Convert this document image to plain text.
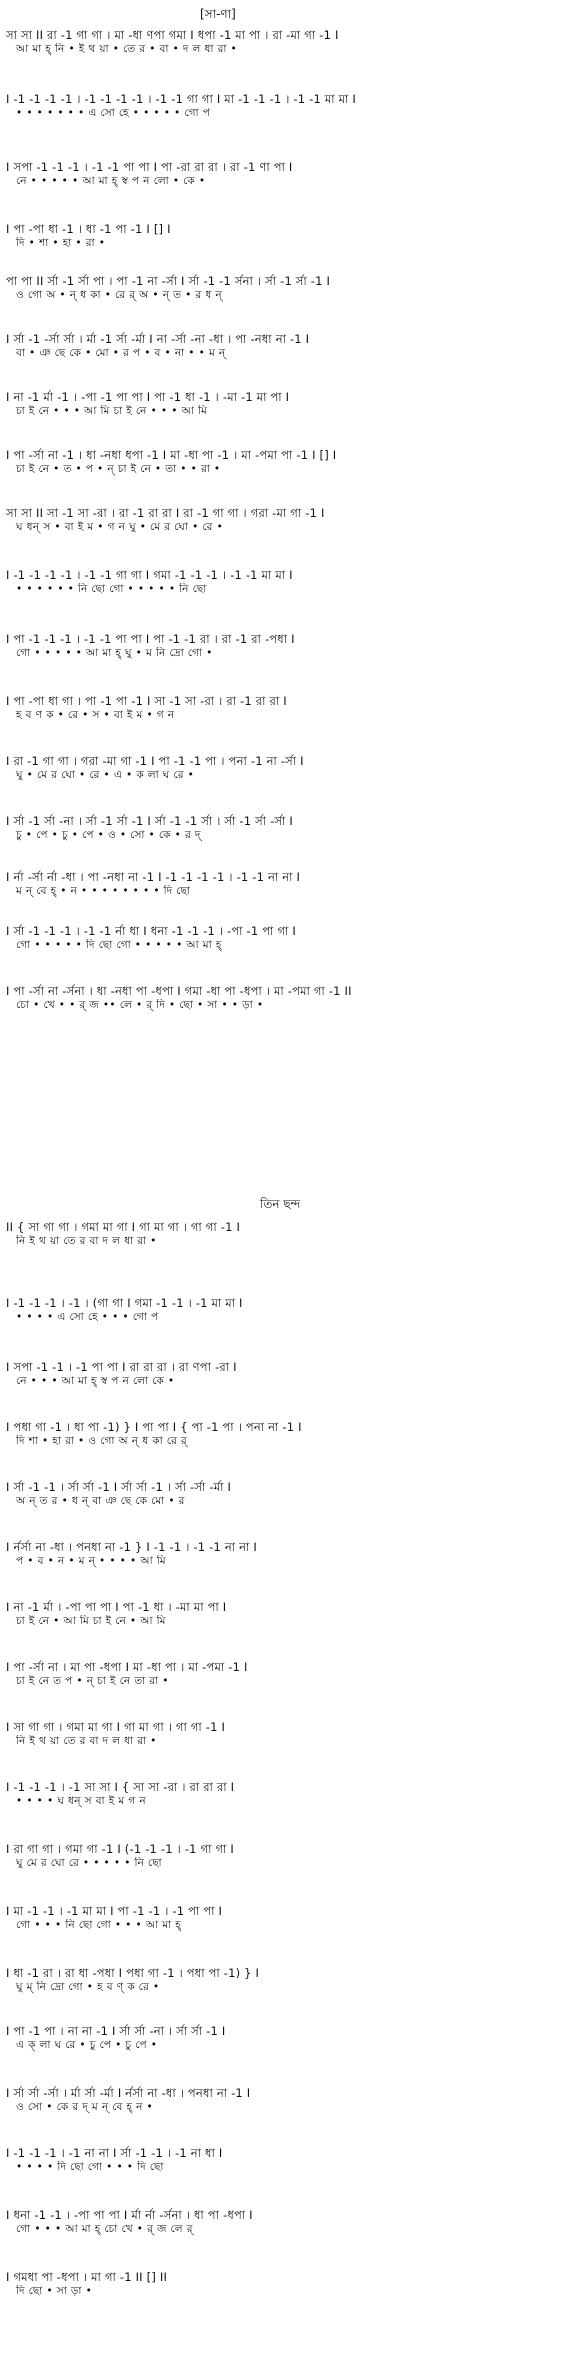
[সা-ণা]
তিন ছন্দ
সা সা II রা -1 গা গা । মা -ধা ণপা গমা I ধপা -1 মা পা । রা -মা গা -1 I
আ মা হ্ নি • ই থ য়া • তে র • বা • দ ল ধা রা •
I -1 -1 -1 -1 । -1 -1 -1 -1 । -1 -1 গা গা I মা -1 -1 -1 । -1 -1 মা মা I
• • • • • • • এ সো হে • • • • • গো প
I সপা -1 -1 -1 । -1 -1 পা পা I পা -রা রা রা । রা -1 ণা পা I
নে • • • • • আ মা হ্ স্ব প ন লো • কে •
I পা -পা ধা -1 । ধা -1 পা -1 I [] I
দি • শা • হা • রা •
পা পা II র্সা -1 র্সা পা । পা -1 না -র্সা I র্সা -1 -1 র্সনা । র্সা -1 র্সা -1 I
ও গো অ • ন্ ধ কা • রে র্ অ • ন্ ত • র ধ ন্
I র্সা -1 -র্সা র্সা । র্মা -1 র্সা -র্মা I না -র্সা -না -ধা । পা -নধা না -1 I
বা • ঞ ছে কে • মো • র প • ব • না • • ম ন্
I না -1 র্মা -1 । -পা -1 পা পা I পা -1 ধা -1 । -মা -1 মা পা I
চা ই নে • • • আ মি চা ই নে • • • আ মি
I পা -র্সা না -1 । ধা -নধা ধপা -1 I মা -ধা পা -1 । মা -পমা পা -1 I [] I
চা ই নে • ত • প • ন্ চা ই নে • তা • • রা •
সা সা II সা -1 সা -রা । রা -1 রা রা I রা -1 গা গা । গরা -মা গা -1 I
ঘ ধন্ স • বা ই ম • গ ন ঘু • মে র ঘো • রে •
I -1 -1 -1 -1 । -1 -1 গা গা I গমা -1 -1 -1 । -1 -1 মা মা I
• • • • • • নি ছো গো • • • • • নি ছো
I পা -1 -1 -1 । -1 -1 পা পা I পা -1 -1 রা । রা -1 রা -পধা I
গো • • • • • আ মা হ্ ঘু • ম নি দ্রো গো •
I পা -পা ধা গা । পা -1 পা -1 I সা -1 সা -রা । রা -1 রা রা I
হ ব ণ ক • রে • স • বা ই ম • গ ন
I রা -1 গা গা । গরা -মা গা -1 I পা -1 -1 পা । পনা -1 না -র্সা I
ঘু • মে র ঘো • রে • এ • ক লা ঘ রে •
I র্সা -1 র্সা -না । র্সা -1 র্সা -1 I র্সা -1 -1 র্সা । র্সা -1 র্সা -র্সা I
চু • পে • চু • পে • ও • সো • কে • র দ্
I র্না -র্সা র্না -ধা । পা -নধা না -1 I -1 -1 -1 -1 । -1 -1 না না I
ম ন্ বে হ্ • ন • • • • • • • • দি ছো
I র্সা -1 -1 -1 । -1 -1 র্না ধা I ধনা -1 -1 -1 । -পা -1 পা গা I
গো • • • • • দি ছো গো • • • • • আ মা হ্
I পা -র্সা না -র্সনা । ধা -নধা পা -ধপা I গমা -ধা পা -ধপা । মা -পমা গা -1 II
চো • খে • • র্ জ •• লে • র্ দি • ছো • সা • • ড়া •
II { সা গা গা । গমা মা গা I গা মা গা । গা গা -1 I
নি ই থ য়া তে র বা দ ল ধা রা •
I -1 -1 -1 । -1 । (গা গা I গমা -1 -1 । -1 মা মা I
• • • • এ সো হে • • • গো প
I সপা -1 -1 । -1 পা পা I রা রা রা । রা ণপা -রা I
নে • • • আ মা হ্ স্ব প ন লো কে •
I পধা গা -1 । ধা পা -1) } I পা পা I { পা -1 পা । পনা না -1 I
দি শা • হা রা • ও গো অ ন্ ধ কা রে র্
I র্সা -1 -1 । র্সা র্সা -1 I র্সা র্সা -1 । র্সা -র্সা -র্মা I
অ ন্ ত র • ধ ন্ বা ঞ ছে কে মো • র
I র্নর্সা না -ধা । পনধা না -1 } I -1 -1 । -1 -1 না না I
প • ব • ন • ম ন্ • • • • আ মি
I না -1 র্মা । -পা পা পা I পা -1 ধা । -মা মা পা I
চা ই নে • আ মি চা ই নে • আ মি
I পা -র্সা না । মা পা -ধপা I মা -ধা পা । মা -পমা -1 I
চা ই নে ত প • ন্ চা ই নে তা রা •
I সা গা গা । গমা মা গা I গা মা গা । গা গা -1 I
নি ই থ য়া তে র বা দ ল ধা রা •
I -1 -1 -1 । -1 সা সা I { সা সা -রা । রা রা রা I
• • • • ঘ ধন্ স বা ই ম গ ন
I রা গা গা । গমা গা -1 I (-1 -1 -1 । -1 গা গা I
ঘু মে র ঘো রে • • • • • নি ছো
I মা -1 -1 । -1 মা মা I পা -1 -1 । -1 পা পা I
গো • • • নি ছো গো • • • আ মা হ্
I ধা -1 রা । রা ধা -পধা I পধা গা -1 । পধা পা -1) } I
ঘু ম্ নি দ্রো গো • হ ব ণ্ ক রে •
I পা -1 পা । না না -1 I র্সা র্সা -না । র্সা র্সা -1 I
এ ক্ লা ঘ রে • চু পে • চু পে •
I র্সা র্সা -র্সা । র্মা র্সা -র্মা I র্নর্সা না -ধা । পনধা না -1 I
ও সো • কে র দ্ ম ন্ বে হ্ ন •
I -1 -1 -1 । -1 না না I র্সা -1 -1 । -1 না ধা I
• • • • দি ছো গো • • • দি ছো
I ধনা -1 -1 । -পা পা পা I র্মা র্না -র্সনা । ধা পা -ধপা I
গো • • • আ মা হ্ চো খে • র্ জ লে র্
I গমধা পা -ধপা । মা গা -1 II [] II
দি ছো • সা ড়া •
